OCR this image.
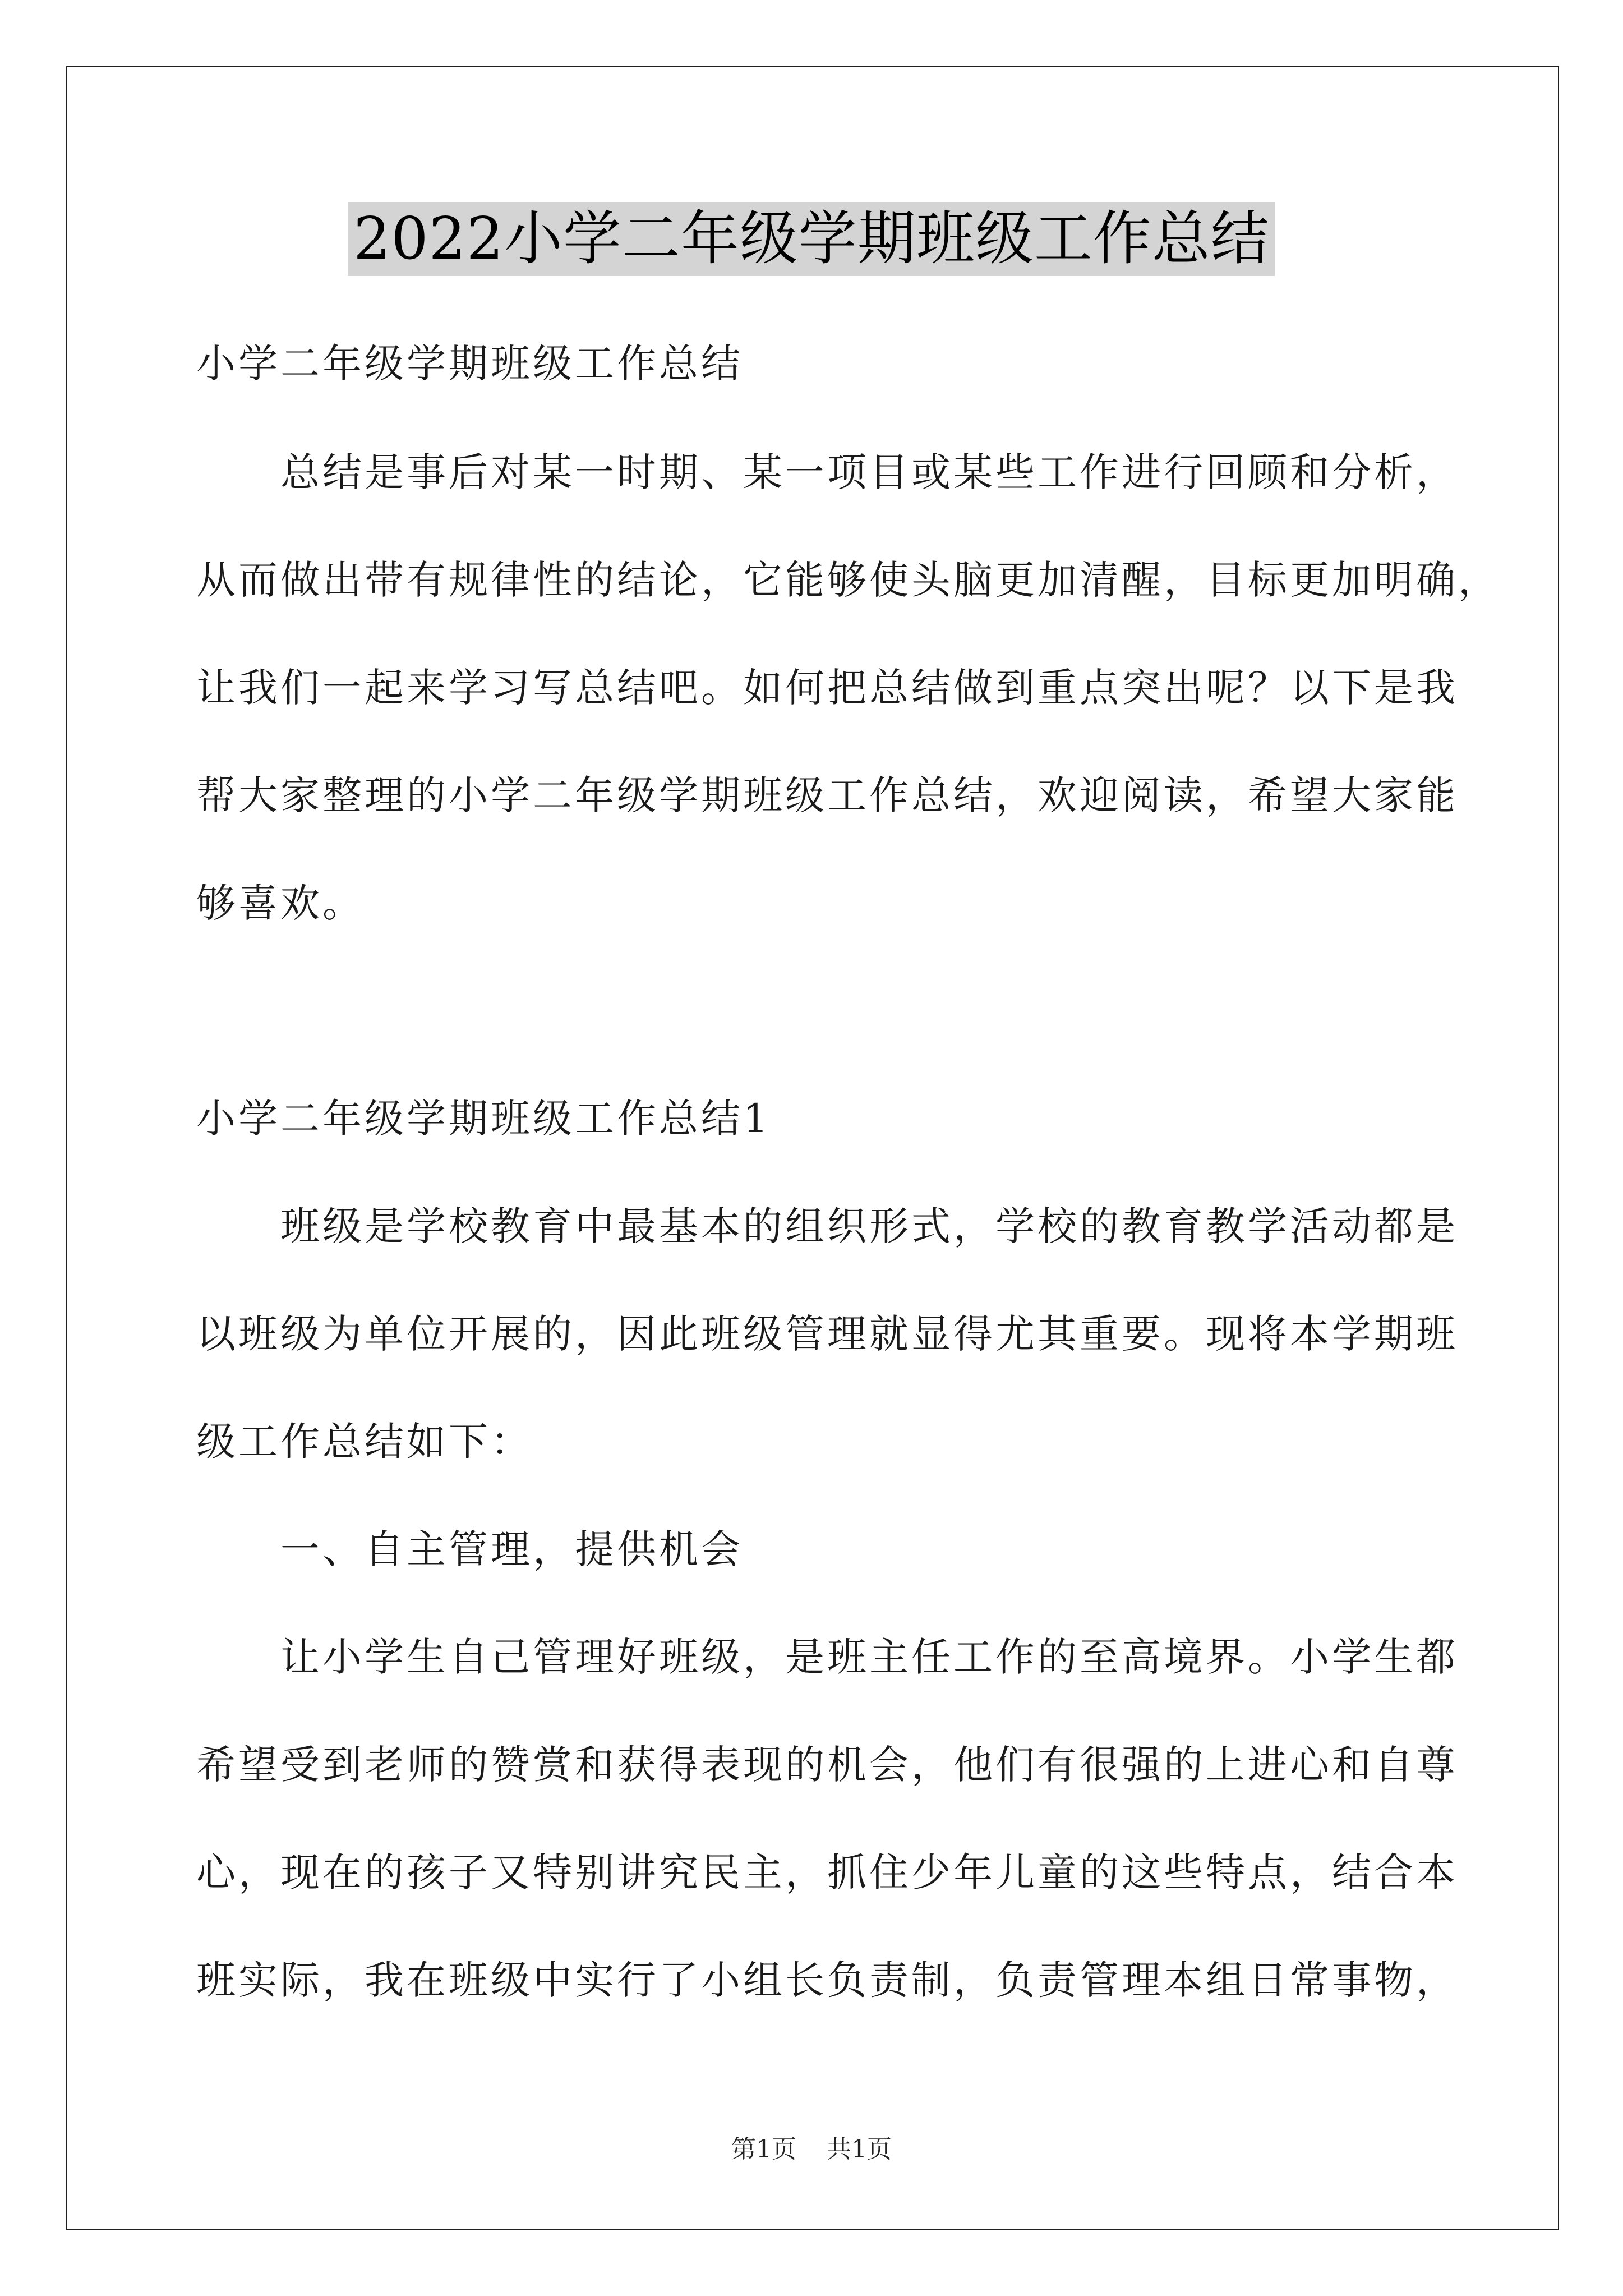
2022小学二年级学期班级工作总结

小学二年级学期班级工作总结

总结是事后对某一时期、某一项目或某些工作进行回顾和分析，

从而做出带有规律性的结论，它能够使头脑更加清醒，目标更加明确，

让我们一起来学习写总结吧。如何把总结做到重点突出呢？以下是我

帮大家整理的小学二年级学期班级工作总结，欢迎阅读，希望大家能

够喜欢。

小学二年级学期班级工作总结1

班级是学校教育中最基本的组织形式，学校的教育教学活动都是

以班级为单位开展的，因此班级管理就显得尤其重要。现将本学期班

级工作总结如下：

一、自主管理，提供机会

让小学生自己管理好班级，是班主任工作的至高境界。小学生都

希望受到老师的赞赏和获得表现的机会，他们有很强的上进心和自尊

心，现在的孩子又特别讲究民主，抓住少年儿童的这些特点，结合本

班实际，我在班级中实行了小组长负责制，负责管理本组日常事物，

第1页 共1页
